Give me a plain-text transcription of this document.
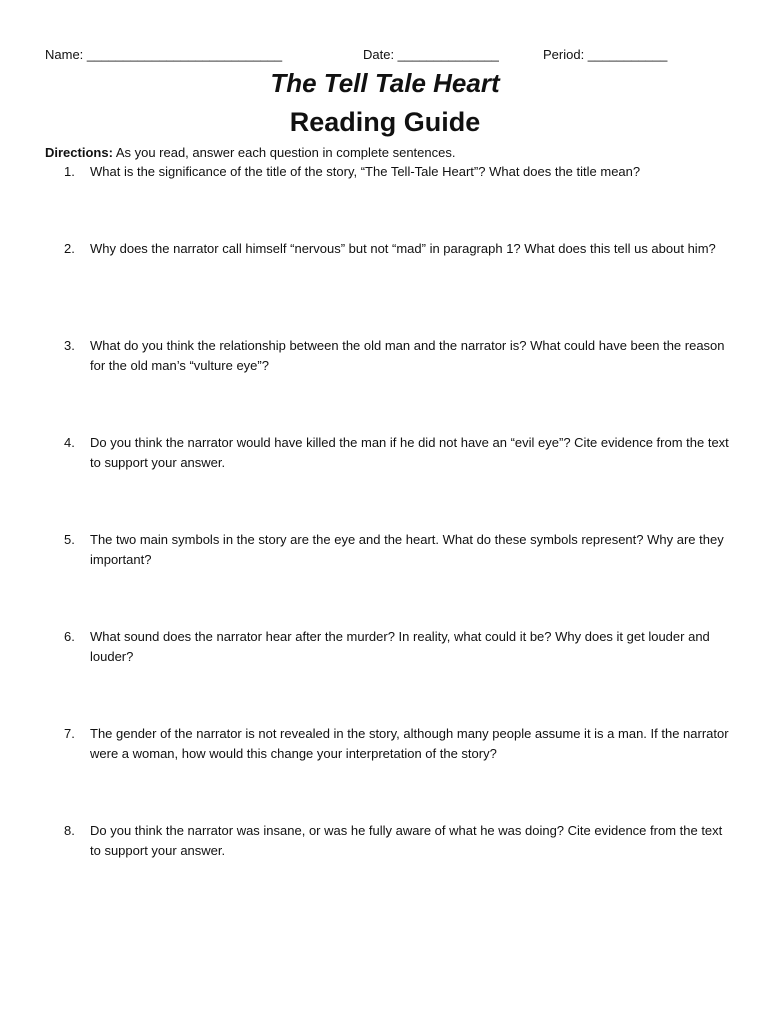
Name: ___________________________	Date: ______________	Period: ___________
The Tell Tale Heart
Reading Guide
Directions: As you read, answer each question in complete sentences.
1.	What is the significance of the title of the story, “The Tell-Tale Heart”? What does the title mean?
2.	Why does the narrator call himself “nervous” but not “mad” in paragraph 1? What does this tell us about him?
3.	What do you think the relationship between the old man and the narrator is? What could have been the reason for the old man’s “vulture eye”?
4.	Do you think the narrator would have killed the man if he did not have an “evil eye”? Cite evidence from the text to support your answer.
5.	The two main symbols in the story are the eye and the heart. What do these symbols represent? Why are they important?
6.	What sound does the narrator hear after the murder? In reality, what could it be? Why does it get louder and louder?
7.	The gender of the narrator is not revealed in the story, although many people assume it is a man. If the narrator were a woman, how would this change your interpretation of the story?
8.	Do you think the narrator was insane, or was he fully aware of what he was doing? Cite evidence from the text to support your answer.
